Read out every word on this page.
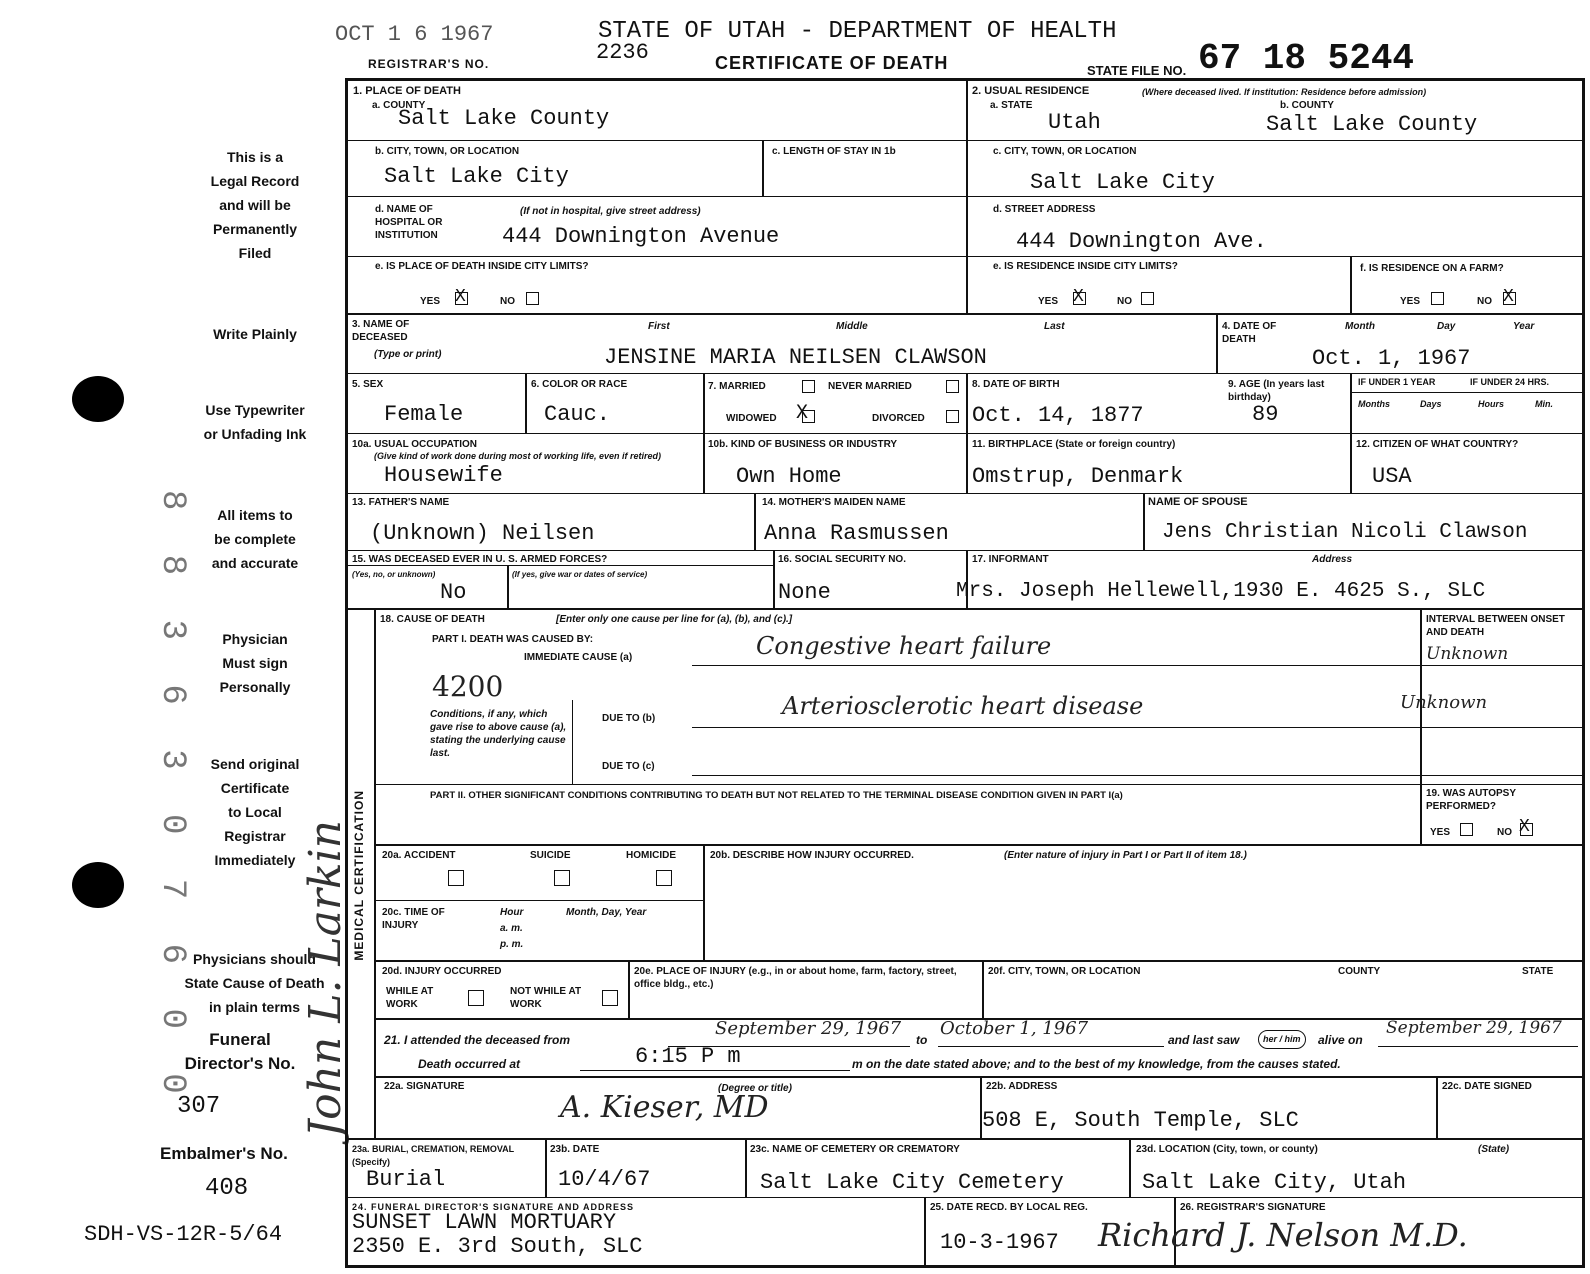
OCT 1 6 1967	STATE OF UTAH - DEPARTMENT OF HEALTH
REGISTRAR'S NO.	2236	CERTIFICATE OF DEATH	STATE FILE NO. 67 18 5244
This is a
Legal Record
and will be
Permanently
Filed
Write Plainly
Use Typewriter
or Unfading Ink
All items to
be complete
and accurate
Physician
Must sign
Personally
Send original
Certificate
to Local
Registrar
Immediately
Physicians should
State Cause of Death
in plain terms
Funeral
Director's No.
307
Embalmer's No.
408
SDH-VS-12R-5/64
8 8 3 6 3 0 7 6 0 0 John L. Larkin
1. PLACE OF DEATH
a. COUNTY
Salt Lake County
b. CITY, TOWN, OR LOCATION
Salt Lake City
c. LENGTH OF STAY IN 1b
d. NAME OF HOSPITAL OR INSTITUTION
(If not in hospital, give street address)
444 Downington Avenue
e. IS PLACE OF DEATH INSIDE CITY LIMITS?
YES X	NO
2. USUAL RESIDENCE	(Where deceased lived. If institution: Residence before admission)
a. STATE
Utah
b. COUNTY
Salt Lake County
c. CITY, TOWN, OR LOCATION
Salt Lake City
d. STREET ADDRESS
444 Downington Ave.
e. IS RESIDENCE INSIDE CITY LIMITS?
YES X	NO
f. IS RESIDENCE ON A FARM?
YES	NO X
3. NAME OF DECEASED
(Type or print)
First	Middle	Last
JENSINE MARIA NEILSEN CLAWSON
4. DATE OF DEATH
Month	Day	Year
Oct. 1, 1967
5. SEX
Female
6. COLOR OR RACE
Cauc.
7. MARRIED	NEVER MARRIED
WIDOWED X	DIVORCED
8. DATE OF BIRTH
Oct. 14, 1877
9. AGE (In years last birthday)
89
IF UNDER 1 YEAR	IF UNDER 24 HRS.
Months	Days	Hours	Min.
10a. USUAL OCCUPATION
(Give kind of work done during most of working life, even if retired)
Housewife
10b. KIND OF BUSINESS OR INDUSTRY
Own Home
11. BIRTHPLACE (State or foreign country)
Omstrup, Denmark
12. CITIZEN OF WHAT COUNTRY?
USA
13. FATHER'S NAME
(Unknown) Neilsen
14. MOTHER'S MAIDEN NAME
Anna Rasmussen
NAME OF SPOUSE
Jens Christian Nicoli Clawson
15. WAS DECEASED EVER IN U. S. ARMED FORCES?
(Yes, no, or unknown)	(If yes, give war or dates of service)
No
16. SOCIAL SECURITY NO.
None
17. INFORMANT	Address
Mrs. Joseph Hellewell,1930 E. 4625 S., SLC
MEDICAL CERTIFICATION
18. CAUSE OF DEATH	[Enter only one cause per line for (a), (b), and (c).]
PART I. DEATH WAS CAUSED BY:
IMMEDIATE CAUSE (a)	Congestive heart failure
INTERVAL BETWEEN ONSET AND DEATH
Unknown
4200
Conditions, if any, which gave rise to above cause (a), stating the underlying cause last.
DUE TO (b)	Arteriosclerotic heart disease	Unknown
DUE TO (c)
PART II. OTHER SIGNIFICANT CONDITIONS CONTRIBUTING TO DEATH BUT NOT RELATED TO THE TERMINAL DISEASE CONDITION GIVEN IN PART I(a)	19. WAS AUTOPSY PERFORMED?
YES	NO X
20a. ACCIDENT	SUICIDE	HOMICIDE	20b. DESCRIBE HOW INJURY OCCURRED.	(Enter nature of injury in Part I or Part II of item 18.)
20c. TIME OF INJURY
Hour
a. m.
p. m.
Month, Day, Year
20d. INJURY OCCURRED
WHILE AT WORK
NOT WHILE AT WORK
20e. PLACE OF INJURY (e.g., in or about home, farm, factory, street, office bldg., etc.)
20f. CITY, TOWN, OR LOCATION	COUNTY	STATE
21. I attended the deceased from
September 29, 1967
to
October 1, 1967
and last saw	her / him	alive on
September 29, 1967
Death occurred at	6:15 P m	m on the date stated above; and to the best of my knowledge, from the causes stated.
22a. SIGNATURE	(Degree or title)
A. Kieser, MD
22b. ADDRESS
508 E, South Temple, SLC
22c. DATE SIGNED
23a. BURIAL, CREMATION, REMOVAL (Specify)
Burial
23b. DATE
10/4/67
23c. NAME OF CEMETERY OR CREMATORY
Salt Lake City Cemetery
23d. LOCATION (City, town, or county)	(State)
Salt Lake City, Utah
24. FUNERAL DIRECTOR'S SIGNATURE AND ADDRESS
SUNSET LAWN MORTUARY
2350 E. 3rd South, SLC
25. DATE RECD. BY LOCAL REG.
10-3-1967
26. REGISTRAR'S SIGNATURE
Richard J. Nelson M.D.
